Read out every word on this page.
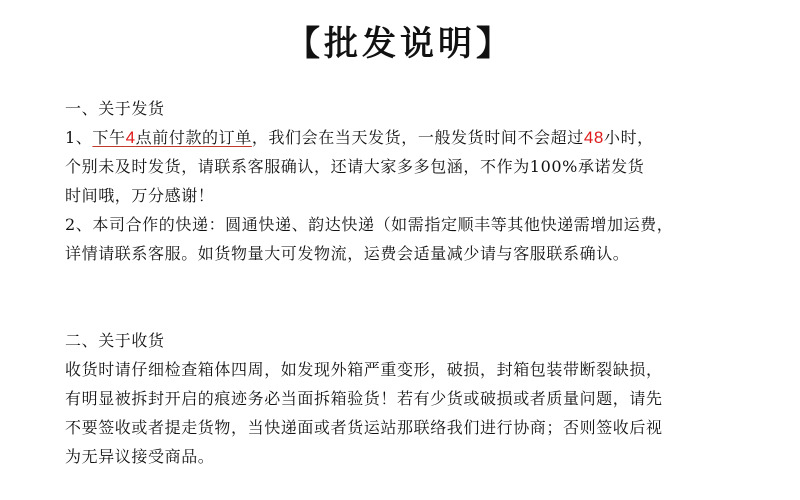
【批发说明】
一、关于发货
1、下午4点前付款的订单，我们会在当天发货，一般发货时间不会超过48小时，
个别未及时发货，请联系客服确认，还请大家多多包涵，不作为100%承诺发货
时间哦，万分感谢！
2、本司合作的快递：圆通快递、韵达快递（如需指定顺丰等其他快递需增加运费，
详情请联系客服。如货物量大可发物流，运费会适量减少请与客服联系确认。
二、关于收货
收货时请仔细检查箱体四周，如发现外箱严重变形，破损，封箱包装带断裂缺损，
有明显被拆封开启的痕迹务必当面拆箱验货！若有少货或破损或者质量问题，请先
不要签收或者提走货物，当快递面或者货运站那联络我们进行协商；否则签收后视
为无异议接受商品。
